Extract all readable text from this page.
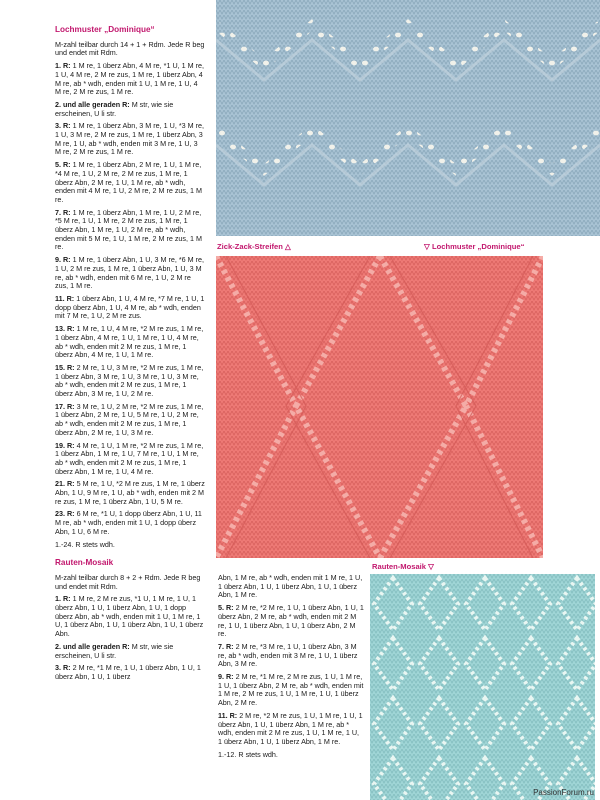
Lochmuster „Dominique“

M-zahl teilbar durch 14 + 1 + Rdm. Jede R beg und endet mit Rdm.

1. R: 1 M re, 1 überz Abn, 4 M re, *1 U, 1 M re, 1 U, 4 M re, 2 M re zus, 1 M re, 1 überz Abn, 4 M re, ab * wdh, enden mit 1 U, 1 M re, 1 U, 4 M re, 2 M re zus, 1 M re.

2. und alle geraden R: M str, wie sie erscheinen, U li str.

3. R: 1 M re, 1 überz Abn, 3 M re, 1 U, *3 M re, 1 U, 3 M re, 2 M re zus, 1 M re, 1 überz Abn, 3 M re, 1 U, ab * wdh, enden mit 3 M re, 1 U, 3 M re, 2 M re zus, 1 M re.

5. R: 1 M re, 1 überz Abn, 2 M re, 1 U, 1 M re, *4 M re, 1 U, 2 M re, 2 M re zus, 1 M re, 1 überz Abn, 2 M re, 1 U, 1 M re, ab * wdh, enden mit 4 M re, 1 U, 2 M re, 2 M re zus, 1 M re.

7. R: 1 M re, 1 überz Abn, 1 M re, 1 U, 2 M re, *5 M re, 1 U, 1 M re, 2 M re zus, 1 M re, 1 überz Abn, 1 M re, 1 U, 2 M re, ab * wdh, enden mit 5 M re, 1 U, 1 M re, 2 M re zus, 1 M re.

9. R: 1 M re, 1 überz Abn, 1 U, 3 M re, *6 M re, 1 U, 2 M re zus, 1 M re, 1 überz Abn, 1 U, 3 M re, ab * wdh, enden mit 6 M re, 1 U, 2 M re zus, 1 M re.

11. R: 1 überz Abn, 1 U, 4 M re, *7 M re, 1 U, 1 dopp überz Abn, 1 U, 4 M re, ab * wdh, enden mit 7 M re, 1 U, 2 M re zus.

13. R: 1 M re, 1 U, 4 M re, *2 M re zus, 1 M re, 1 überz Abn, 4 M re, 1 U, 1 M re, 1 U, 4 M re, ab * wdh, enden mit 2 M re zus, 1 M re, 1 überz Abn, 4 M re, 1 U, 1 M re.

15. R: 2 M re, 1 U, 3 M re, *2 M re zus, 1 M re, 1 überz Abn, 3 M re, 1 U, 3 M re, 1 U, 3 M re, ab * wdh, enden mit 2 M re zus, 1 M re, 1 überz Abn, 3 M re, 1 U, 2 M re.

17. R: 3 M re, 1 U, 2 M re, *2 M re zus, 1 M re, 1 überz Abn, 2 M re, 1 U, 5 M re, 1 U, 2 M re, ab * wdh, enden mit 2 M re zus, 1 M re, 1 überz Abn, 2 M re, 1 U, 3 M re.

19. R: 4 M re, 1 U, 1 M re, *2 M re zus, 1 M re, 1 überz Abn, 1 M re, 1 U, 7 M re, 1 U, 1 M re, ab * wdh, enden mit 2 M re zus, 1 M re, 1 überz Abn, 1 M re, 1 U, 4 M re.

21. R: 5 M re, 1 U, *2 M re zus, 1 M re, 1 überz Abn, 1 U, 9 M re, 1 U, ab * wdh, enden mit 2 M re zus, 1 M re, 1 überz Abn, 1 U, 5 M re.

23. R: 6 M re, *1 U, 1 dopp überz Abn, 1 U, 11 M re, ab * wdh, enden mit 1 U, 1 dopp überz Abn, 1 U, 6 M re.

1.-24. R stets wdh.

Rauten-Mosaik

M-zahl teilbar durch 8 + 2 + Rdm. Jede R beg und endet mit Rdm.

1. R: 1 M re, 2 M re zus, *1 U, 1 M re, 1 U, 1 überz Abn, 1 U, 1 überz Abn, 1 U, 1 dopp überz Abn, ab * wdh, enden mit 1 U, 1 M re, 1 U, 1 überz Abn, 1 U, 1 überz Abn, 1 U, 1 überz Abn.

2. und alle geraden R: M str, wie sie erscheinen, U li str.

3. R: 2 M re, *1 M re, 1 U, 1 überz Abn, 1 U, 1 überz Abn, 1 U, 1 überz

Zick-Zack-Streifen △	▽ Lochmuster „Dominique“
Rauten-Mosaik ▽

Abn, 1 M re, ab * wdh, enden mit 1 M re, 1 U, 1 überz Abn, 1 U, 1 überz Abn, 1 U, 1 überz Abn, 1 M re.

5. R: 2 M re, *2 M re, 1 U, 1 überz Abn, 1 U, 1 überz Abn, 2 M re, ab * wdh, enden mit 2 M re, 1 U, 1 überz Abn, 1 U, 1 überz Abn, 2 M re.

7. R: 2 M re, *3 M re, 1 U, 1 überz Abn, 3 M re, ab * wdh, enden mit 3 M re, 1 U, 1 überz Abn, 3 M re.

9. R: 2 M re, *1 M re, 2 M re zus, 1 U, 1 M re, 1 U, 1 überz Abn, 2 M re, ab * wdh, enden mit 1 M re, 2 M re zus, 1 U, 1 M re, 1 U, 1 überz Abn, 2 M re.

11. R: 2 M re, *2 M re zus, 1 U, 1 M re, 1 U, 1 überz Abn, 1 U, 1 überz Abn, 1 M re, ab * wdh, enden mit 2 M re zus, 1 U, 1 M re, 1 U, 1 überz Abn, 1 U, 1 überz Abn, 1 M re.

1.-12. R stets wdh.

PassionForum.ru
